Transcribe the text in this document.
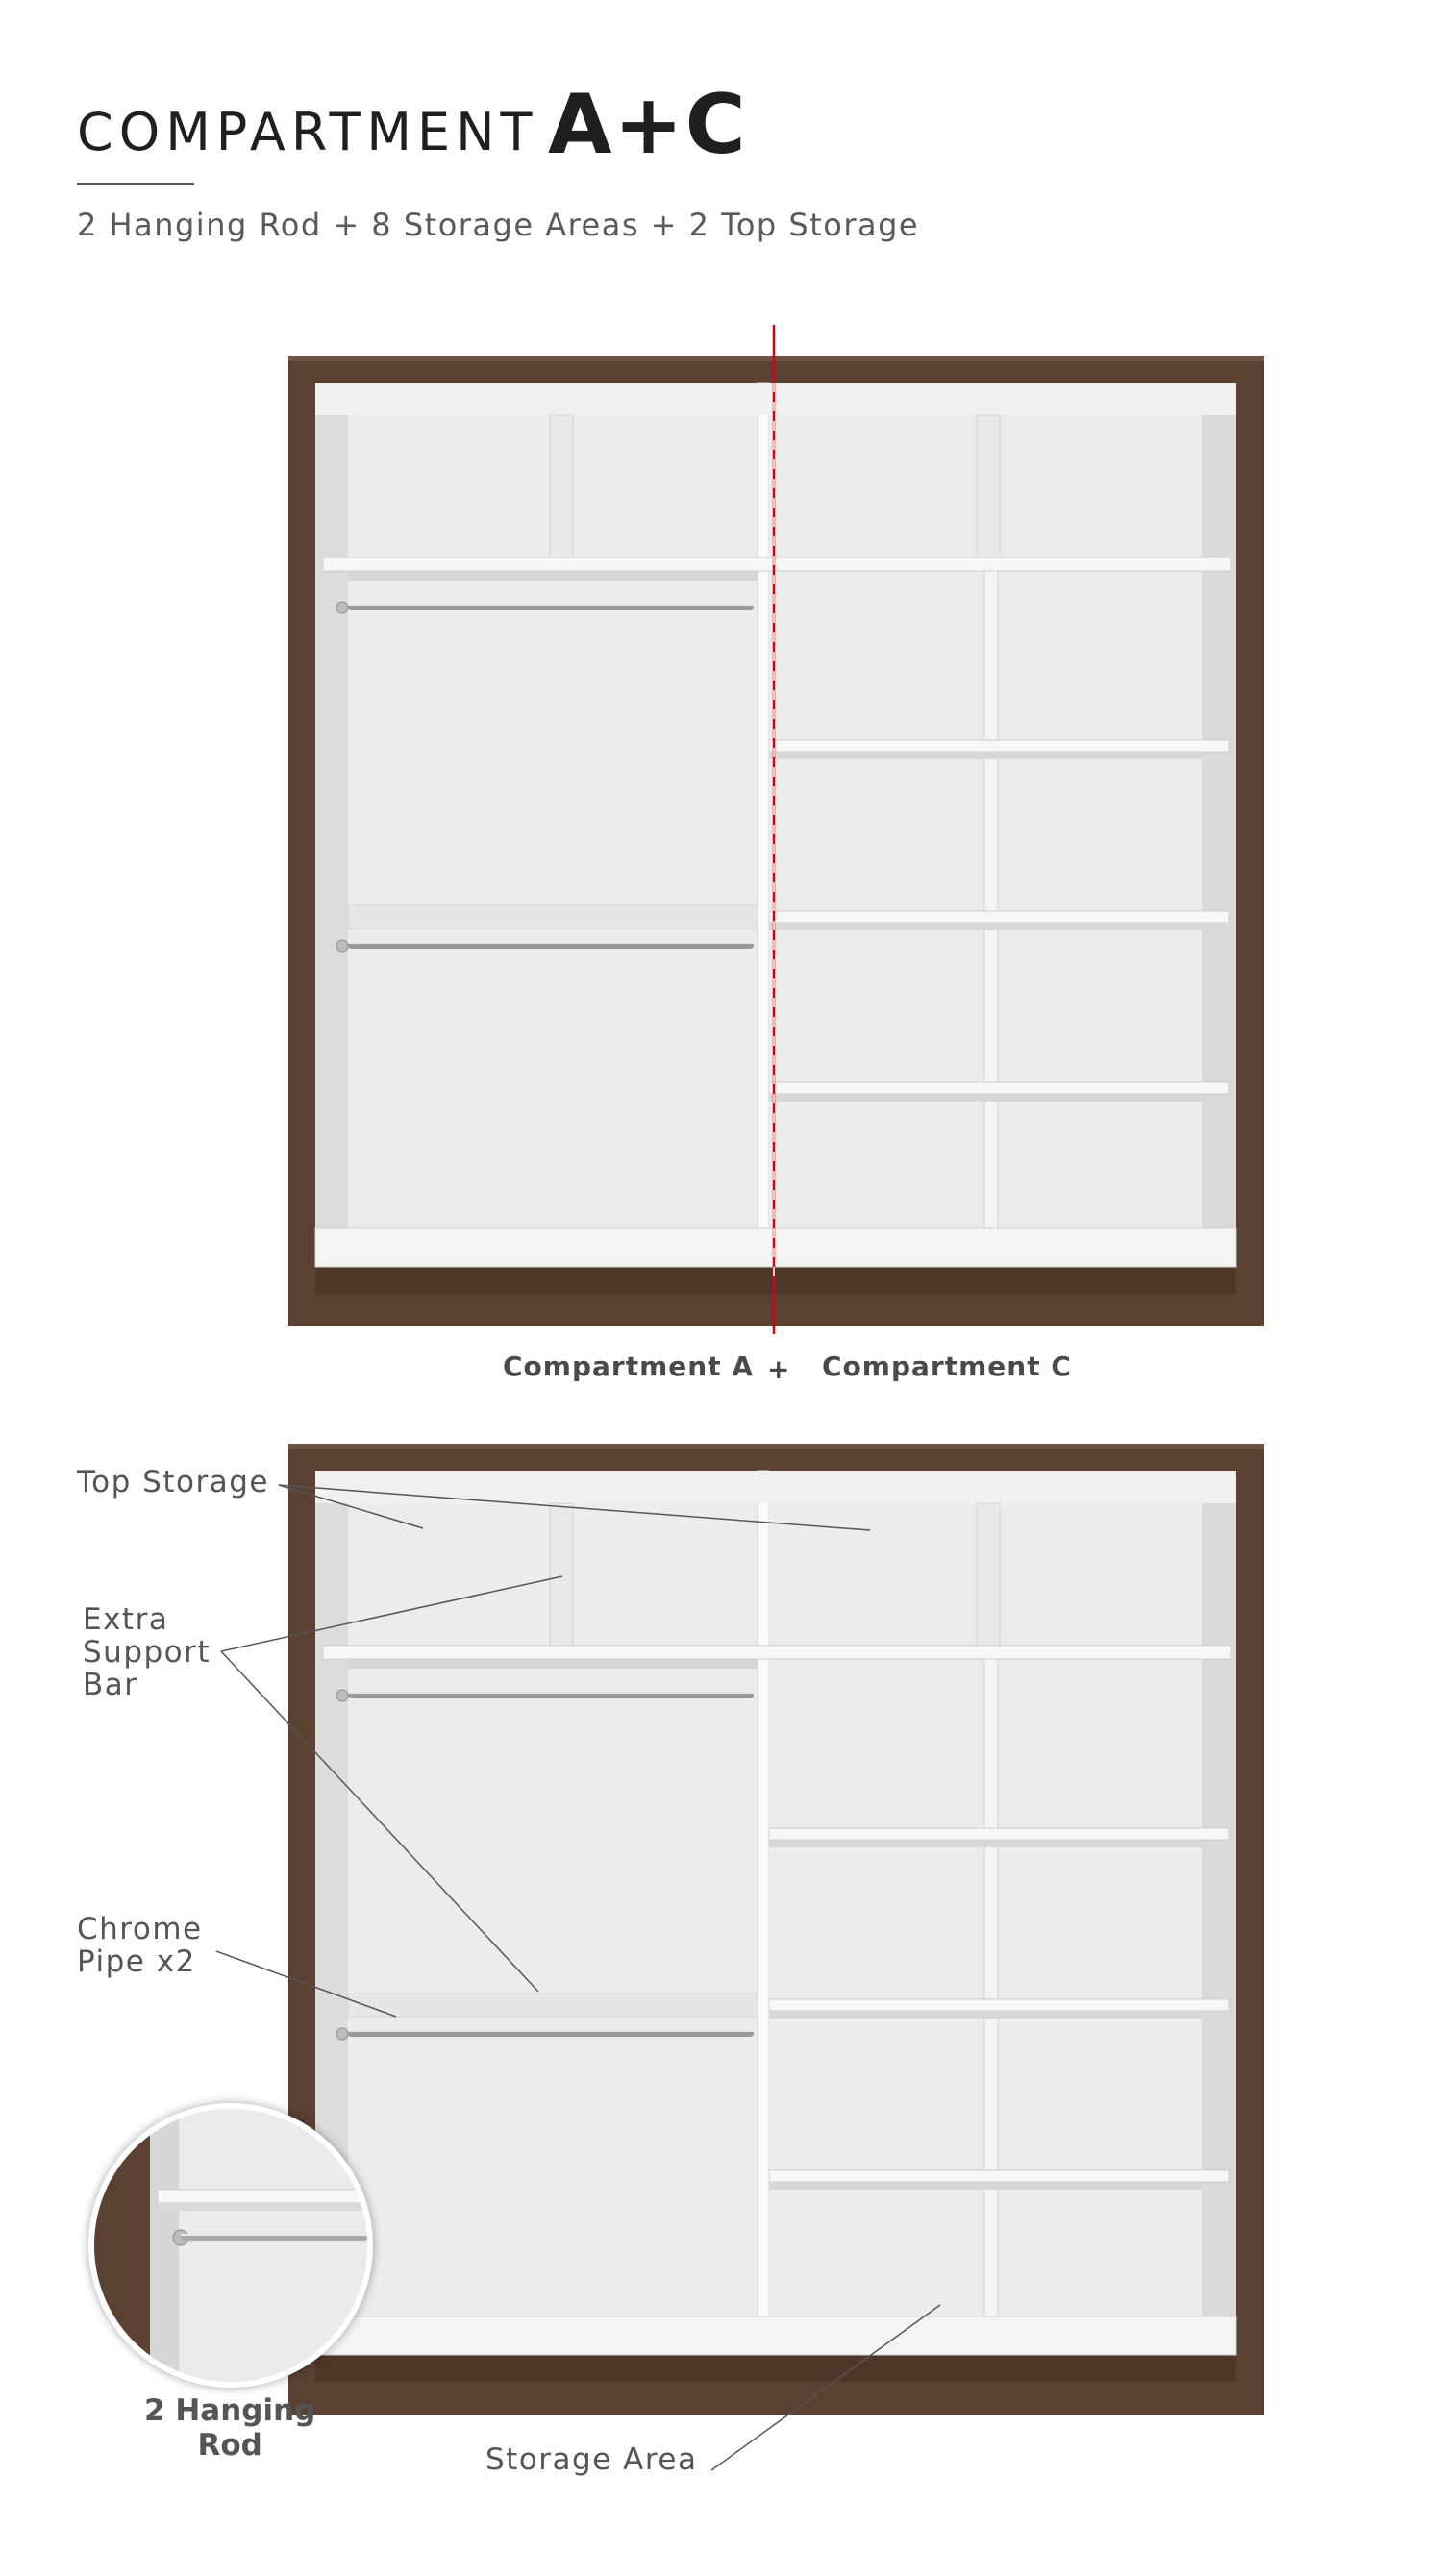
COMPARTMENT A+C
2 Hanging Rod + 8 Storage Areas + 2 Top Storage
Compartment A + Compartment C
Top Storage
Extra
Support
Bar
Chrome
Pipe x2
Storage Area
2 Hanging
Rod
